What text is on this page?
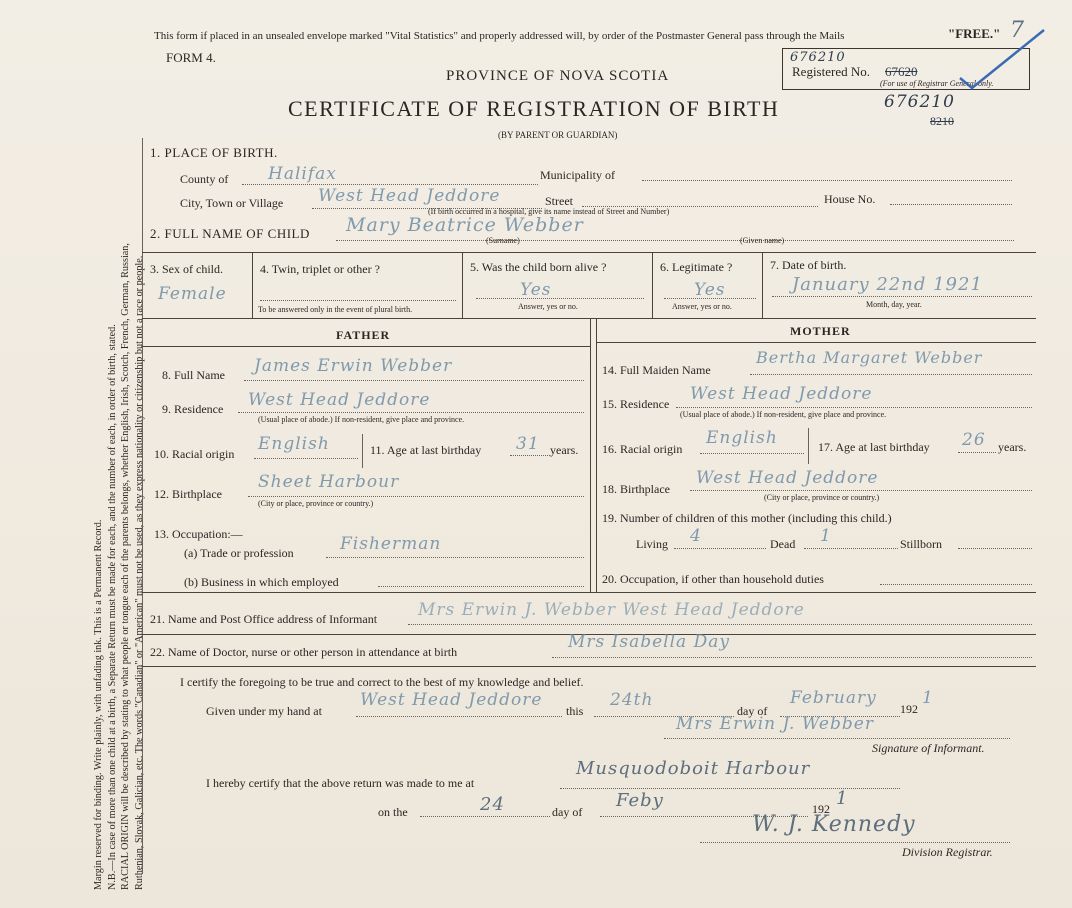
Margin reserved for binding. Write plainly, with unfading ink. This is a Permanent Record. N.B.—In case of more than one child at a birth, a Separate Return must be made for each, and the number of each, in order of birth, stated. RACIAL ORIGIN will be described by stating to what people or tongue each of the parents belongs, whether English, Irish, Scotch, French, German, Russian, Ruthenian, Slovak, Galician, etc. The words "Canadian" or "American" must not be used, as they express nationality or citizenship but not a race or people.
This form if placed in an unsealed envelope marked "Vital Statistics" and properly addressed will, by order of the Postmaster General pass through the Mails	"FREE." 7
FORM 4.	676210
Registered No. 67620
(For use of Registrar General only.
PROVINCE OF NOVA SCOTIA
CERTIFICATE OF REGISTRATION OF BIRTH	676210
8210
(BY PARENT OR GUARDIAN)
1. PLACE OF BIRTH.
County of Halifax	Municipality of
City, Town or Village West Head Jeddore	Street	House No.
(If birth occurred in a hospital, give its name instead of Street and Number)
2. FULL NAME OF CHILD Mary Beatrice Webber
(Surname)	(Given name)
3. Sex of child.
Female
4. Twin, triplet or other ?
To be answered only in the event of plural birth.
5. Was the child born alive ?
Yes
Answer, yes or no.
6. Legitimate ?
Yes
Answer, yes or no.
7. Date of birth.
January 22nd 1921
Month, day, year.
FATHER	MOTHER
8. Full Name James Erwin Webber
9. Residence West Head Jeddore
(Usual place of abode.) If non-resident, give place and province.
10. Racial origin English	11. Age at last birthday 31 years.
12. Birthplace
Sheet Harbour
(City or place, province or country.)
13. Occupation:—
(a) Trade or profession	Fisherman
(b) Business in which employed
14. Full Maiden Name
Bertha Margaret Webber
15. Residence West Head Jeddore
(Usual place of abode.) If non-resident, give place and province.
16. Racial origin
English	17. Age at last birthday 26 years.
18. Birthplace
West Head Jeddore
(City or place, province or country.)
19. Number of children of this mother (including this child.)
Living 4	Dead 1	Stillborn
20. Occupation, if other than household duties
21. Name and Post Office address of Informant Mrs Erwin J. Webber West Head Jeddore
22. Name of Doctor, nurse or other person in attendance at birth	Mrs Isabella Day
I certify the foregoing to be true and correct to the best of my knowledge and belief.
Given under my hand at
West Head Jeddore
this
24th
day of
February
192
1
Mrs Erwin J. Webber
Signature of Informant.
I hereby certify that the above return was made to me at
Musquodoboit Harbour
on the	24	day of
Feby	192 1
W. J. Kennedy
Division Registrar.
